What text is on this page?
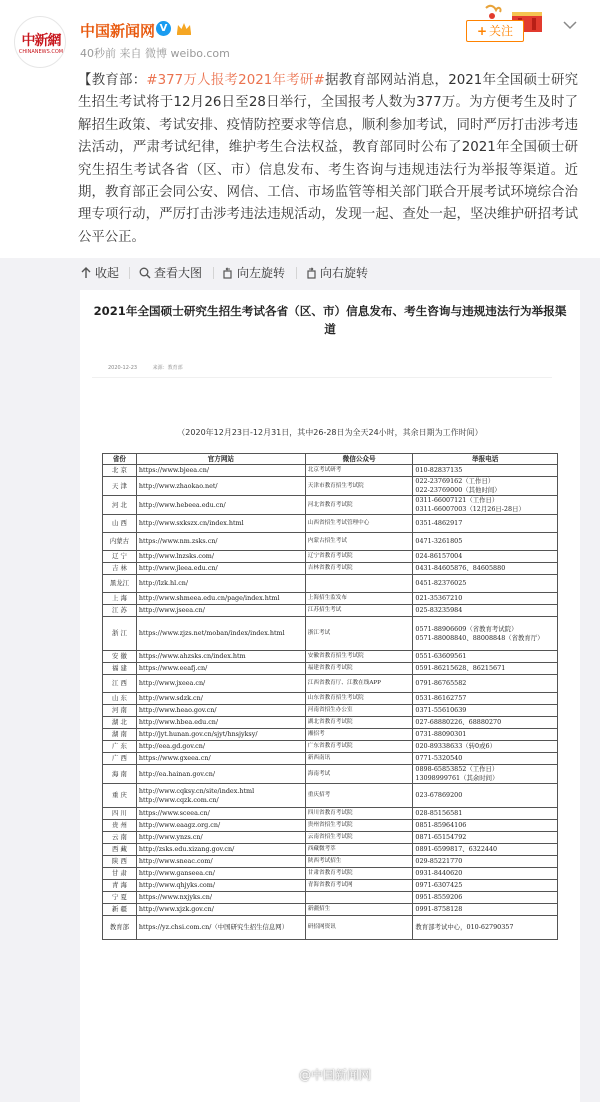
中新網
CHINANEWS.COM
中国新闻网 V
40秒前 来自 微博 weibo.com
+ 关注
【教育部：#377万人报考2021年考研#据教育部网站消息，2021年全国硕士研究生招生考试将于12月26日至28日举行，全国报考人数为377万。为方便考生及时了解招生政策、考试安排、疫情防控要求等信息，顺利参加考试，同时严厉打击涉考违法活动，严肃考试纪律，维护考生合法权益，教育部同时公布了2021年全国硕士研究生招生考试各省（区、市）信息发布、考生咨询与违规违法行为举报等渠道。近期，教育部正会同公安、网信、工信、市场监管等相关部门联合开展考试环境综合治理专项行动，严厉打击涉考违法违规活动，发现一起、查处一起，坚决维护研招考试公平公正。
收起	查看大图	向左旋转	向右旋转
2021年全国硕士研究生招生考试各省（区、市）信息发布、考生咨询与违规违法行为举报渠道
2020-12-23	来源：教育部
（2020年12月23日-12月31日，其中26-28日为全天24小时，其余日期为工作时间）
省份	官方网站	微信公众号	举报电话
北 京	https://www.bjeea.cn/	北京考试研考	010-82837135
天 津	http://www.zhaokao.net/	天津市教育招生考试院	022-23769162（工作日）
022-23769000（其他时间）
河 北	http://www.hebeea.edu.cn/	河北省教育考试院	0311-66007121（工作日）
0311-66007003（12月26日-28日）
山 西	http://www.sxkszx.cn/index.html	山西省招生考试管理中心	0351-4862917
内蒙古	https://www.nm.zsks.cn/	内蒙古招生考试	0471-3261805
辽 宁	http://www.lnzsks.com/	辽宁省教育考试院	024-86157004
吉 林	http://www.jleea.edu.cn/	吉林省教育考试院	0431-84605876、84605880
黑龙江	http://lzk.hl.cn/		0451-82376025
上 海	http://www.shmeea.edu.cn/page/index.html	上海招生监发布	021-35367210
江 苏	http://www.jseea.cn/	江苏招生考试	025-83235984
浙 江	https://www.zjzs.net/moban/index/index.html	浙江考试	0571-88906609（省教育考试院）
0571-88008840、88008848（省教育厅）
安 徽	https://www.ahzsks.cn/index.htm	安徽省教育招生考试院	0551-63609561
福 建	https://www.eeafj.cn/	福建省教育考试院	0591-86215628、86215671
江 西	http://www.jxeea.cn/	江西省教育厅、江教在线APP	0791-86765582
山 东	http://www.sdzk.cn/	山东省教育招生考试院	0531-86162757
河 南	http://www.heao.gov.cn/	河南省招生办公室	0371-55610639
湖 北	http://www.hbea.edu.cn/	湖北省教育考试院	027-68880226、68880270
湖 南	http://jyt.hunan.gov.cn/sjyt/hnsjyksy/	湘招考	0731-88090301
广 东	http://eea.gd.gov.cn/	广东省教育考试院	020-89338633（转0或6）
广 西	https://www.gxeea.cn/	新西南讯	0771-5320540
海 南	http://ea.hainan.gov.cn/	海南考试	0898-65853852（工作日）
13098999761（其余时间）
重 庆	http://www.cqksy.cn/site/index.html
http://www.cqzk.com.cn/	重庆招考	023-67869200
四 川	https://www.sceea.cn/	四川省教育考试院	028-85156581
贵 州	http://www.eaagz.org.cn/	贵州省招生考试院	0851-85964106
云 南	http://www.ynzs.cn/	云南省招生考试院	0871-65154792
西 藏	http://zsks.edu.xizang.gov.cn/	西藏微考萃	0891-6599817、6322440
陕 西	http://www.sneac.com/	陕西考试招生	029-85221770
甘 肃	http://www.ganseea.cn/	甘肃省教育考试院	0931-8440620
青 海	http://www.qhjyks.com/	青海省教育考试网	0971-6307425
宁 夏	https://www.nxjyks.cn/		0951-8559206
新 疆	http://www.xjzk.gov.cn/	新疆招生	0991-8758128
教育部	https://yz.chsi.com.cn/（中国研究生招生信息网）	研招网资讯	教育部考试中心，010-62790357
@中国新闻网
